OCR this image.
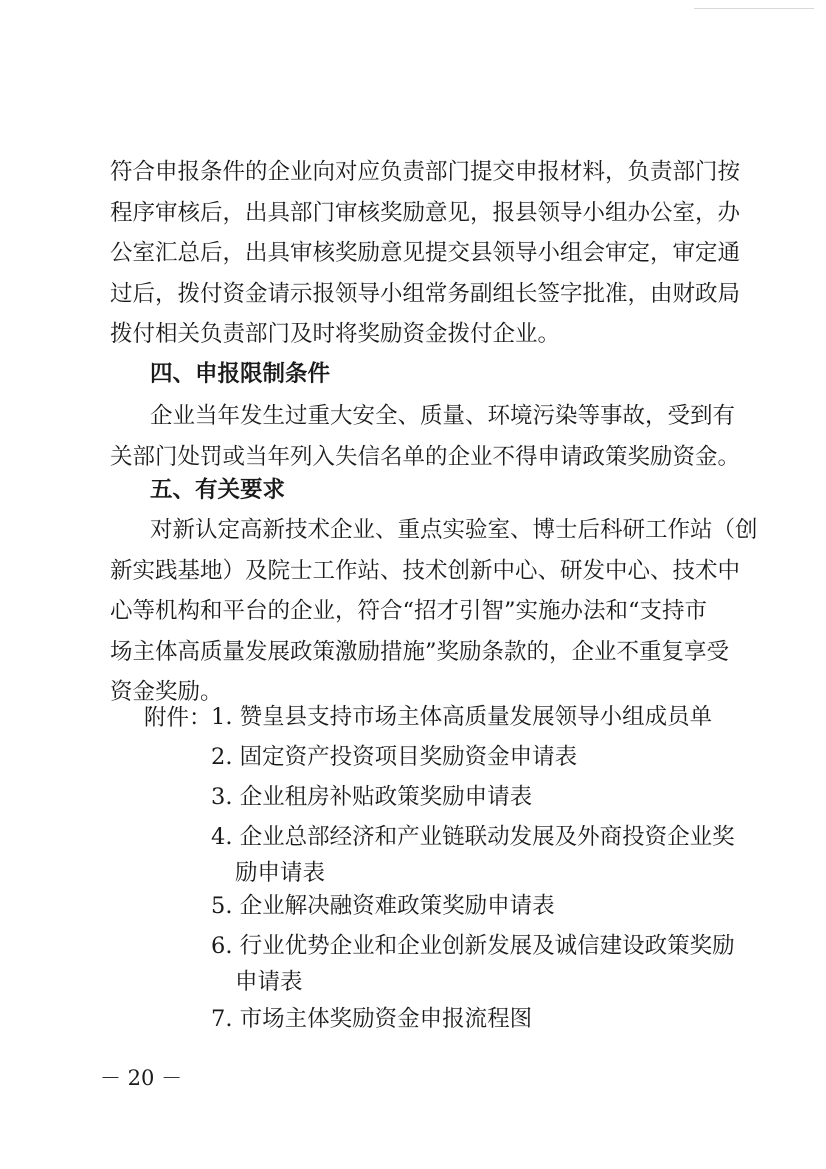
符合申报条件的企业向对应负责部门提交申报材料，负责部门按
程序审核后，出具部门审核奖励意见，报县领导小组办公室，办
公室汇总后，出具审核奖励意见提交县领导小组会审定，审定通
过后，拨付资金请示报领导小组常务副组长签字批准，由财政局
拨付相关负责部门及时将奖励资金拨付企业。
四、申报限制条件
企业当年发生过重大安全、质量、环境污染等事故，受到有
关部门处罚或当年列入失信名单的企业不得申请政策奖励资金。
五、有关要求
对新认定高新技术企业、重点实验室、博士后科研工作站（创
新实践基地）及院士工作站、技术创新中心、研发中心、技术中
心等机构和平台的企业，符合“招才引智”实施办法和“支持市
场主体高质量发展政策激励措施”奖励条款的，企业不重复享受
资金奖励。
附件： 1. 赞皇县支持市场主体高质量发展领导小组成员单
2. 固定资产投资项目奖励资金申请表
3. 企业租房补贴政策奖励申请表
4. 企业总部经济和产业链联动发展及外商投资企业奖
励申请表
5. 企业解决融资难政策奖励申请表
6. 行业优势企业和企业创新发展及诚信建设政策奖励
申请表
7. 市场主体奖励资金申报流程图
－ 20 －
